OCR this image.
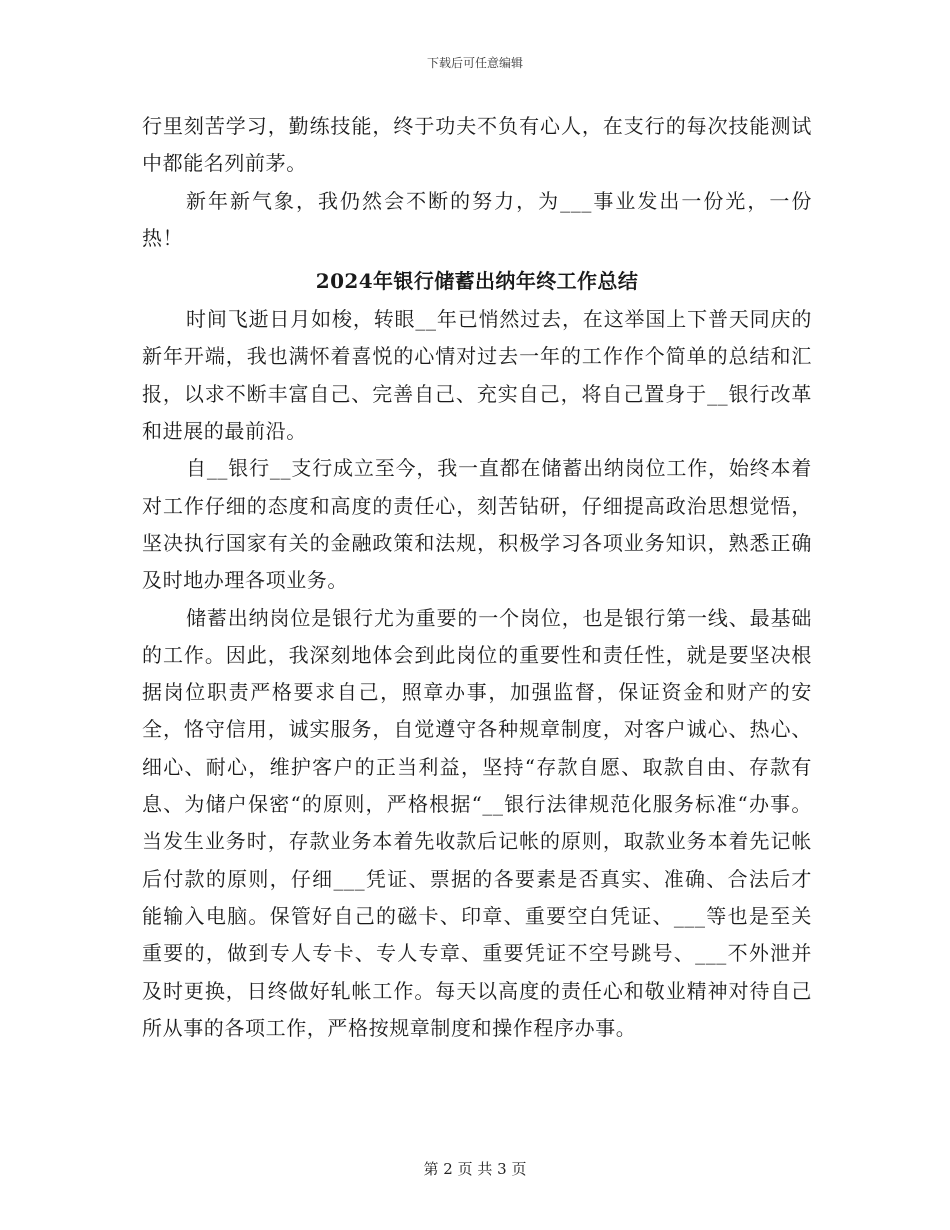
下载后可任意编辑

行里刻苦学习，勤练技能，终于功夫不负有心人，在支行的每次技能测试中都能名列前茅。

新年新气象，我仍然会不断的努力，为___事业发出一份光，一份热！

2024年银行储蓄出纳年终工作总结

时间飞逝日月如梭，转眼__年已悄然过去，在这举国上下普天同庆的新年开端，我也满怀着喜悦的心情对过去一年的工作作个简单的总结和汇报，以求不断丰富自己、完善自己、充实自己，将自己置身于__银行改革和进展的最前沿。

自__银行__支行成立至今，我一直都在储蓄出纳岗位工作，始终本着对工作仔细的态度和高度的责任心，刻苦钻研，仔细提高政治思想觉悟，坚决执行国家有关的金融政策和法规，积极学习各项业务知识，熟悉正确及时地办理各项业务。

储蓄出纳岗位是银行尤为重要的一个岗位，也是银行第一线、最基础的工作。因此，我深刻地体会到此岗位的重要性和责任性，就是要坚决根据岗位职责严格要求自己，照章办事，加强监督，保证资金和财产的安全，恪守信用，诚实服务，自觉遵守各种规章制度，对客户诚心、热心、细心、耐心，维护客户的正当利益，坚持“存款自愿、取款自由、存款有息、为储户保密“的原则，严格根据“__银行法律规范化服务标准“办事。当发生业务时，存款业务本着先收款后记帐的原则，取款业务本着先记帐后付款的原则，仔细___凭证、票据的各要素是否真实、准确、合法后才能输入电脑。保管好自己的磁卡、印章、重要空白凭证、___等也是至关重要的，做到专人专卡、专人专章、重要凭证不空号跳号、___不外泄并及时更换，日终做好轧帐工作。每天以高度的责任心和敬业精神对待自己所从事的各项工作，严格按规章制度和操作程序办事。

第 2 页 共 3 页
